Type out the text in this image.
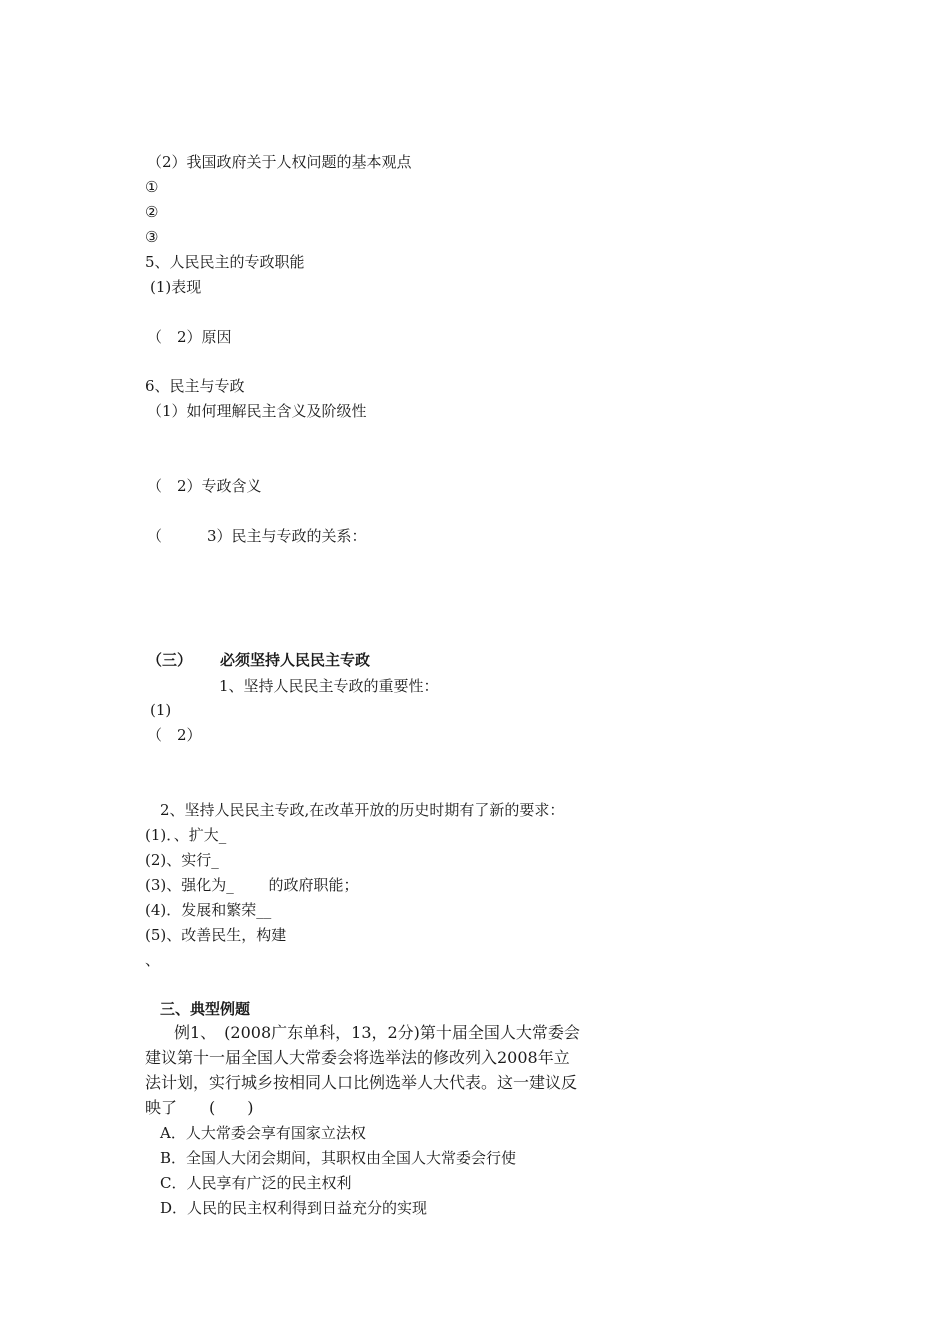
（2）我国政府关于人权问题的基本观点
①
②
③
5、人民民主的专政职能
(1)表现
（　2）原因
6、民主与专政
（1）如何理解民主含义及阶级性
（　2）专政含义
（　　　3）民主与专政的关系：
（三） 必须坚持人民民主专政
1、坚持人民民主专政的重要性：
(1)
（　2）
2、坚持人民民主专政,在改革开放的历史时期有了新的要求：
(1)．、扩大_
(2)、实行_
(3)、强化为_　　 的政府职能；
(4)．发展和繁荣__
(5)、改善民生，构建
、
三、典型例题
例1、　(2008广东单科，13，2分)第十届全国人大常委会
建议第十一届全国人大常委会将选举法的修改列入2008年立
法计划，实行城乡按相同人口比例选举人大代表。这一建议反
映了　　(　　)
A．人大常委会享有国家立法权
B．全国人大闭会期间，其职权由全国人大常委会行使
C．人民享有广泛的民主权利
D．人民的民主权利得到日益充分的实现
